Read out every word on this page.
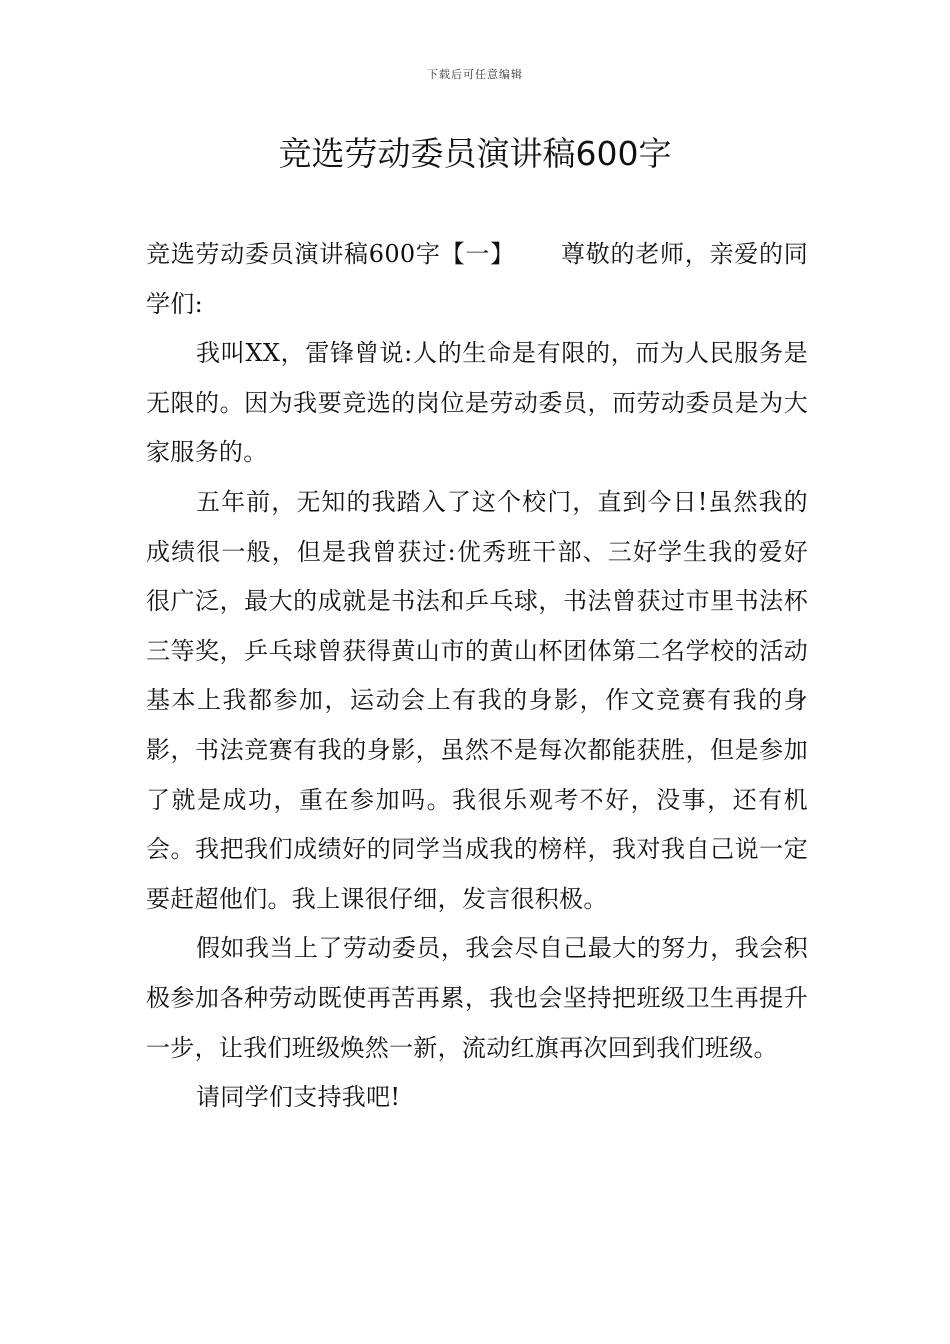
下载后可任意编辑
竞选劳动委员演讲稿600字

竞选劳动委员演讲稿600字【一】 尊敬的老师，亲爱的同学们:

我叫XX，雷锋曾说:人的生命是有限的，而为人民服务是无限的。因为我要竞选的岗位是劳动委员，而劳动委员是为大家服务的。

五年前，无知的我踏入了这个校门，直到今日!虽然我的成绩很一般，但是我曾获过:优秀班干部、三好学生我的爱好很广泛，最大的成就是书法和乒乓球，书法曾获过市里书法杯三等奖，乒乓球曾获得黄山市的黄山杯团体第二名学校的活动基本上我都参加，运动会上有我的身影，作文竞赛有我的身影，书法竞赛有我的身影，虽然不是每次都能获胜，但是参加了就是成功，重在参加吗。我很乐观考不好，没事，还有机会。我把我们成绩好的同学当成我的榜样，我对我自己说一定要赶超他们。我上课很仔细，发言很积极。

假如我当上了劳动委员，我会尽自己最大的努力，我会积极参加各种劳动既使再苦再累，我也会坚持把班级卫生再提升一步，让我们班级焕然一新，流动红旗再次回到我们班级。

请同学们支持我吧!
